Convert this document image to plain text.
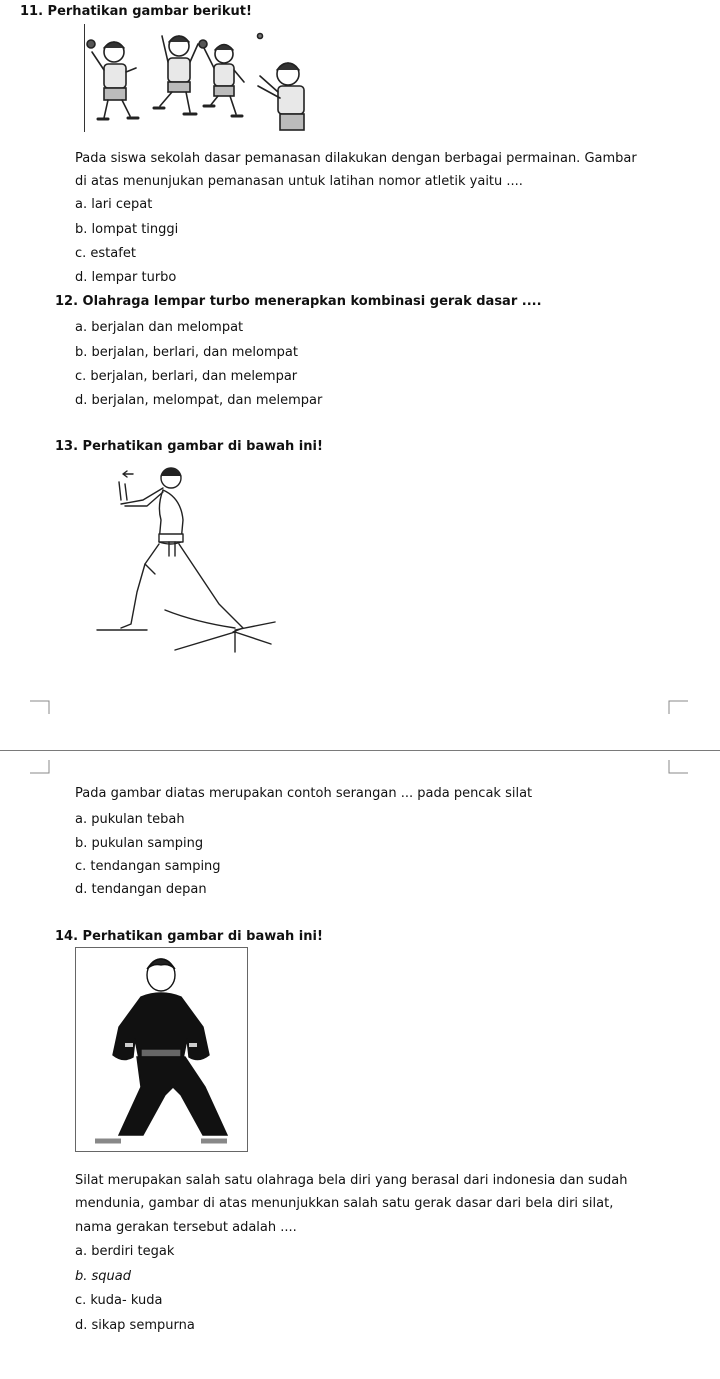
11. Perhatikan gambar berikut!
Pada siswa sekolah dasar pemanasan dilakukan dengan berbagai permainan. Gambar
di atas menunjukan pemanasan untuk latihan nomor atletik yaitu ....
a. lari cepat
b. lompat tinggi
c. estafet
d. lempar turbo
12. Olahraga lempar turbo menerapkan kombinasi gerak dasar ....
a. berjalan dan melompat
b. berjalan, berlari, dan melompat
c. berjalan, berlari, dan melempar
d. berjalan, melompat, dan melempar
13. Perhatikan gambar di bawah ini!
Pada gambar diatas merupakan contoh serangan ... pada pencak silat
a. pukulan tebah
b. pukulan samping
c. tendangan samping
d. tendangan depan
14. Perhatikan gambar di bawah ini!
Silat merupakan salah satu olahraga bela diri yang berasal dari indonesia dan sudah
mendunia, gambar di atas menunjukkan salah satu gerak dasar dari bela diri silat,
nama gerakan tersebut adalah ....
a. berdiri tegak
b. squad
c. kuda- kuda
d. sikap sempurna
